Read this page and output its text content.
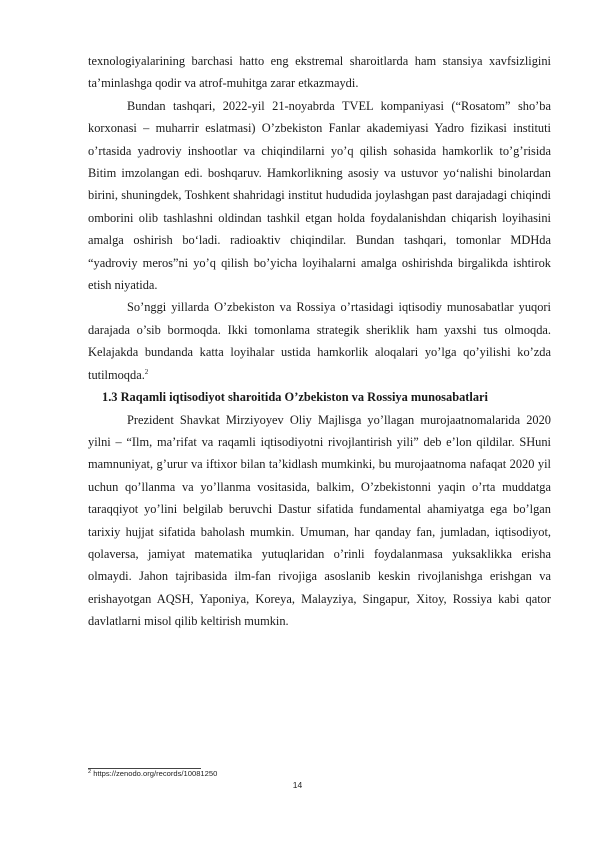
texnologiyalarining barchasi hatto eng ekstremal sharoitlarda ham stansiya xavfsizligini ta’minlashga qodir va atrof-muhitga zarar etkazmaydi.

Bundan tashqari, 2022-yil 21-noyabrda TVEL kompaniyasi (“Rosatom” sho’ba korxonasi – muharrir eslatmasi) O’zbekiston Fanlar akademiyasi Yadro fizikasi instituti o’rtasida yadroviy inshootlar va chiqindilarni yo’q qilish sohasida hamkorlik to’g’risida Bitim imzolangan edi. boshqaruv. Hamkorlikning asosiy va ustuvor yo‘nalishi binolardan birini, shuningdek, Toshkent shahridagi institut hududida joylashgan past darajadagi chiqindi omborini olib tashlashni oldindan tashkil etgan holda foydalanishdan chiqarish loyihasini amalga oshirish bo‘ladi. radioaktiv chiqindilar. Bundan tashqari, tomonlar MDHda “yadroviy meros”ni yo’q qilish bo’yicha loyihalarni amalga oshirishda birgalikda ishtirok etish niyatida.

So’nggi yillarda O’zbekiston va Rossiya o’rtasidagi iqtisodiy munosabatlar yuqori darajada o’sib bormoqda. Ikki tomonlama strategik sheriklik ham yaxshi tus olmoqda. Kelajakda bundanda katta loyihalar ustida hamkorlik aloqalari yo’lga qo’yilishi ko’zda tutilmoqda.$^2$

1.3 Raqamli iqtisodiyot sharoitida O’zbekiston va Rossiya munosabatlari

Prezident Shavkat Mirziyoyev Oliy Majlisga yo’llagan murojaatnomalarida 2020 yilni – “Ilm, ma’rifat va raqamli iqtisodiyotni rivojlantirish yili” deb e’lon qildilar. SHuni mamnuniyat, g’urur va iftixor bilan ta’kidlash mumkinki, bu murojaatnoma nafaqat 2020 yil uchun qo’llanma va yo’llanma vositasida, balkim, O’zbekistonni yaqin o’rta muddatga taraqqiyot yo’lini belgilab beruvchi Dastur sifatida fundamental ahamiyatga ega bo’lgan tarixiy hujjat sifatida baholash mumkin. Umuman, har qanday fan, jumladan, iqtisodiyot, qolaversa, jamiyat matematika yutuqlaridan o’rinli foydalanmasa yuksaklikka erisha olmaydi. Jahon tajribasida ilm-fan rivojiga asoslanib keskin rivojlanishga erishgan va erishayotgan AQSH, Yaponiya, Koreya, Malayziya, Singapur, Xitoy, Rossiya kabi qator davlatlarni misol qilib keltirish mumkin.

$^2$ https://zenodo.org/records/10081250
14
